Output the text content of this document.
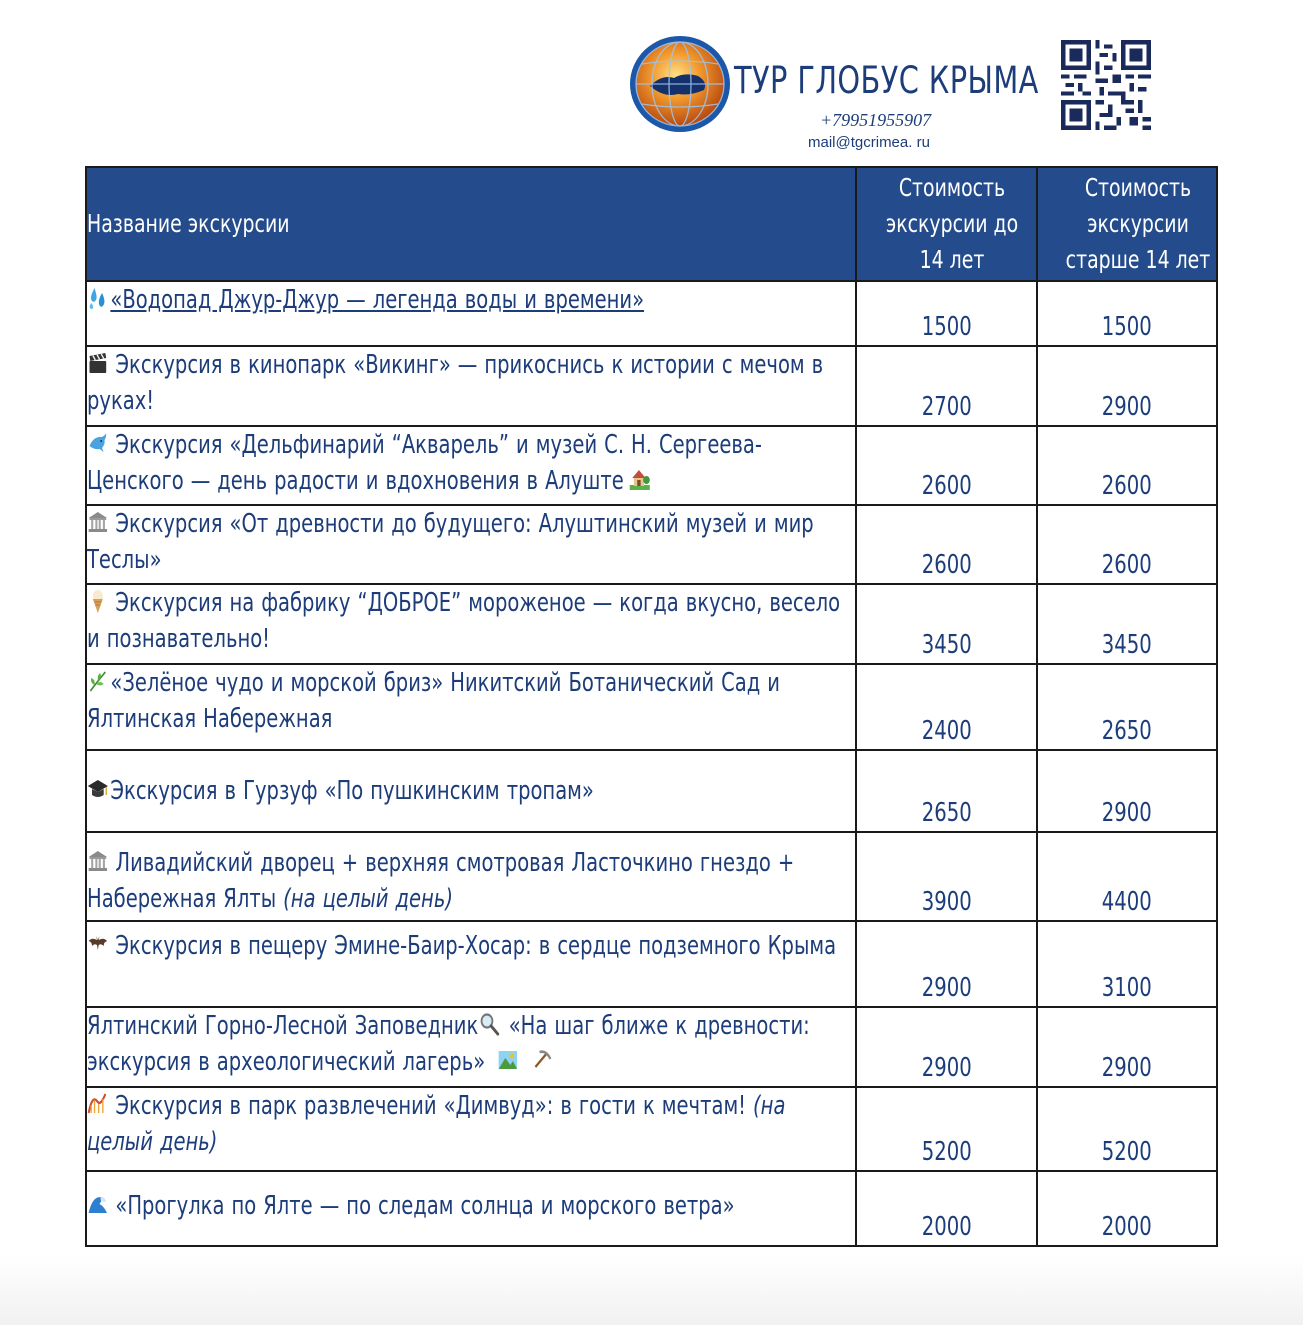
ТУР ГЛОБУС КРЫМА
+79951955907
mail@tgcrimea. ru
Название экскурсии	Стоимость экскурсии до 14 лет	Стоимость экскурсии старше 14 лет

«Водопад Джур-Джур — легенда воды и времени»	1500	1500

Экскурсия в кинопарк «Викинг» — прикоснись к истории с мечом в руках!	2700	2900

Экскурсия «Дельфинарий “Акварель” и музей С. Н. Сергеева-Ценского — день радости и вдохновения в Алуште	2600	2600

Экскурсия «От древности до будущего: Алуштинский музей и мир Теслы»	2600	2600

Экскурсия на фабрику “ДОБРОЕ” мороженое — когда вкусно, весело и познавательно!	3450	3450

«Зелёное чудо и морской бриз» Никитский Ботанический Сад и Ялтинская Набережная	2400	2650

Экскурсия в Гурзуф «По пушкинским тропам»	2650	2900

Ливадийский дворец + верхняя смотровая Ласточкино гнездо + Набережная Ялты (на целый день)	3900	4400

Экскурсия в пещеру Эмине-Баир-Хосар: в сердце подземного Крыма	2900	3100

Ялтинский Горно-Лесной Заповедник «На шаг ближе к древности: экскурсия в археологический лагерь»	2900	2900

Экскурсия в парк развлечений «Димвуд»: в гости к мечтам! (на целый день)	5200	5200

«Прогулка по Ялте — по следам солнца и морского ветра»	2000	2000
